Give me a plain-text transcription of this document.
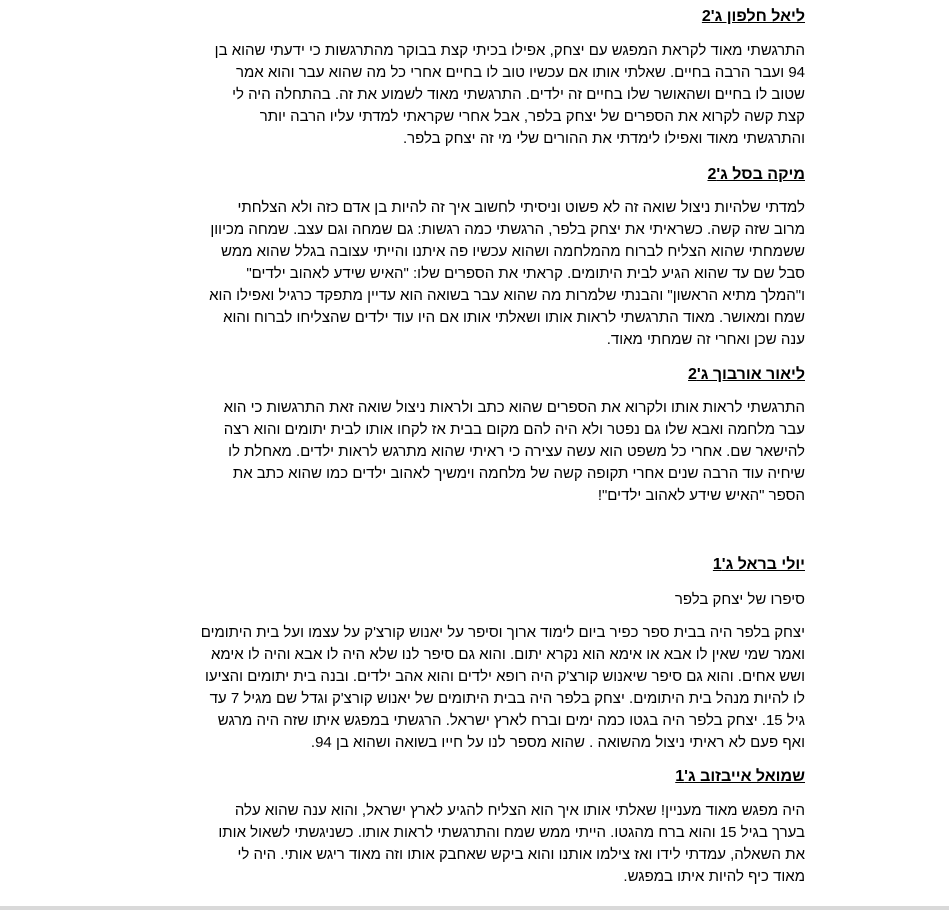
ליאל חלפון ג'2
התרגשתי מאוד לקראת המפגש עם יצחק, אפילו בכיתי קצת בבוקר מהתרגשות כי ידעתי שהוא בן
94 ועבר הרבה בחיים. שאלתי אותו אם עכשיו טוב לו בחיים אחרי כל מה שהוא עבר והוא אמר
שטוב לו בחיים ושהאושר שלו בחיים זה ילדים. התרגשתי מאוד לשמוע את זה. בהתחלה היה לי
קצת קשה לקרוא את הספרים של יצחק בלפר, אבל אחרי שקראתי למדתי עליו הרבה יותר
והתרגשתי מאוד ואפילו לימדתי את ההורים שלי מי זה יצחק בלפר.
מיקה בסל ג'2
למדתי שלהיות ניצול שואה זה לא פשוט וניסיתי לחשוב איך זה להיות בן אדם כזה ולא הצלחתי
מרוב שזה קשה. כשראיתי את יצחק בלפר, הרגשתי כמה רגשות: גם שמחה וגם עצב. שמחה מכיוון
ששמחתי שהוא הצליח לברוח מהמלחמה ושהוא עכשיו פה איתנו והייתי עצובה בגלל שהוא ממש
סבל שם עד שהוא הגיע לבית היתומים. קראתי את הספרים שלו: "האיש שידע לאהוב ילדים"
ו"המלך מתיא הראשון" והבנתי שלמרות מה שהוא עבר בשואה הוא עדיין מתפקד כרגיל ואפילו הוא
שמח ומאושר. מאוד התרגשתי לראות אותו ושאלתי אותו אם היו עוד ילדים שהצליחו לברוח והוא
ענה שכן ואחרי זה שמחתי מאוד.
ליאור אורבוך ג'2
התרגשתי לראות אותו ולקרוא את הספרים שהוא כתב ולראות ניצול שואה זאת התרגשות כי הוא
עבר מלחמה ואבא שלו גם נפטר ולא היה להם מקום בבית אז לקחו אותו לבית יתומים והוא רצה
להישאר שם. אחרי כל משפט הוא עשה עצירה כי ראיתי שהוא מתרגש לראות ילדים. מאחלת לו
שיחיה עוד הרבה שנים אחרי תקופה קשה של מלחמה וימשיך לאהוב ילדים כמו שהוא כתב את
הספר "האיש שידע לאהוב ילדים"!
יולי בראל ג'1
סיפרו של יצחק בלפר
יצחק בלפר היה בבית ספר כפיר ביום לימוד ארוך וסיפר על יאנוש קורצ'ק על עצמו ועל בית היתומים
ואמר שמי שאין לו אבא או אימא הוא נקרא יתום. והוא גם סיפר לנו שלא היה לו אבא והיה לו אימא
ושש אחים. והוא גם סיפר שיאנוש קורצ'ק היה רופא ילדים והוא אהב ילדים. ובנה בית יתומים והציעו
לו להיות מנהל בית היתומים. יצחק בלפר היה בבית היתומים של יאנוש קורצ'ק וגדל שם מגיל 7 עד
גיל 15. יצחק בלפר היה בגטו כמה ימים וברח לארץ ישראל. הרגשתי במפגש איתו שזה היה מרגש
ואף פעם לא ראיתי ניצול מהשואה . שהוא מספר לנו על חייו בשואה ושהוא בן 94.
שמואל אייבזוב ג'1
היה מפגש מאוד מעניין! שאלתי אותו איך הוא הצליח להגיע לארץ ישראל, והוא ענה שהוא עלה
בערך בגיל 15 והוא ברח מהגטו. הייתי ממש שמח והתרגשתי לראות אותו. כשניגשתי לשאול אותו
את השאלה, עמדתי לידו ואז צילמו אותנו והוא ביקש שאחבק אותו וזה מאוד ריגש אותי. היה לי
מאוד כיף להיות איתו במפגש.
